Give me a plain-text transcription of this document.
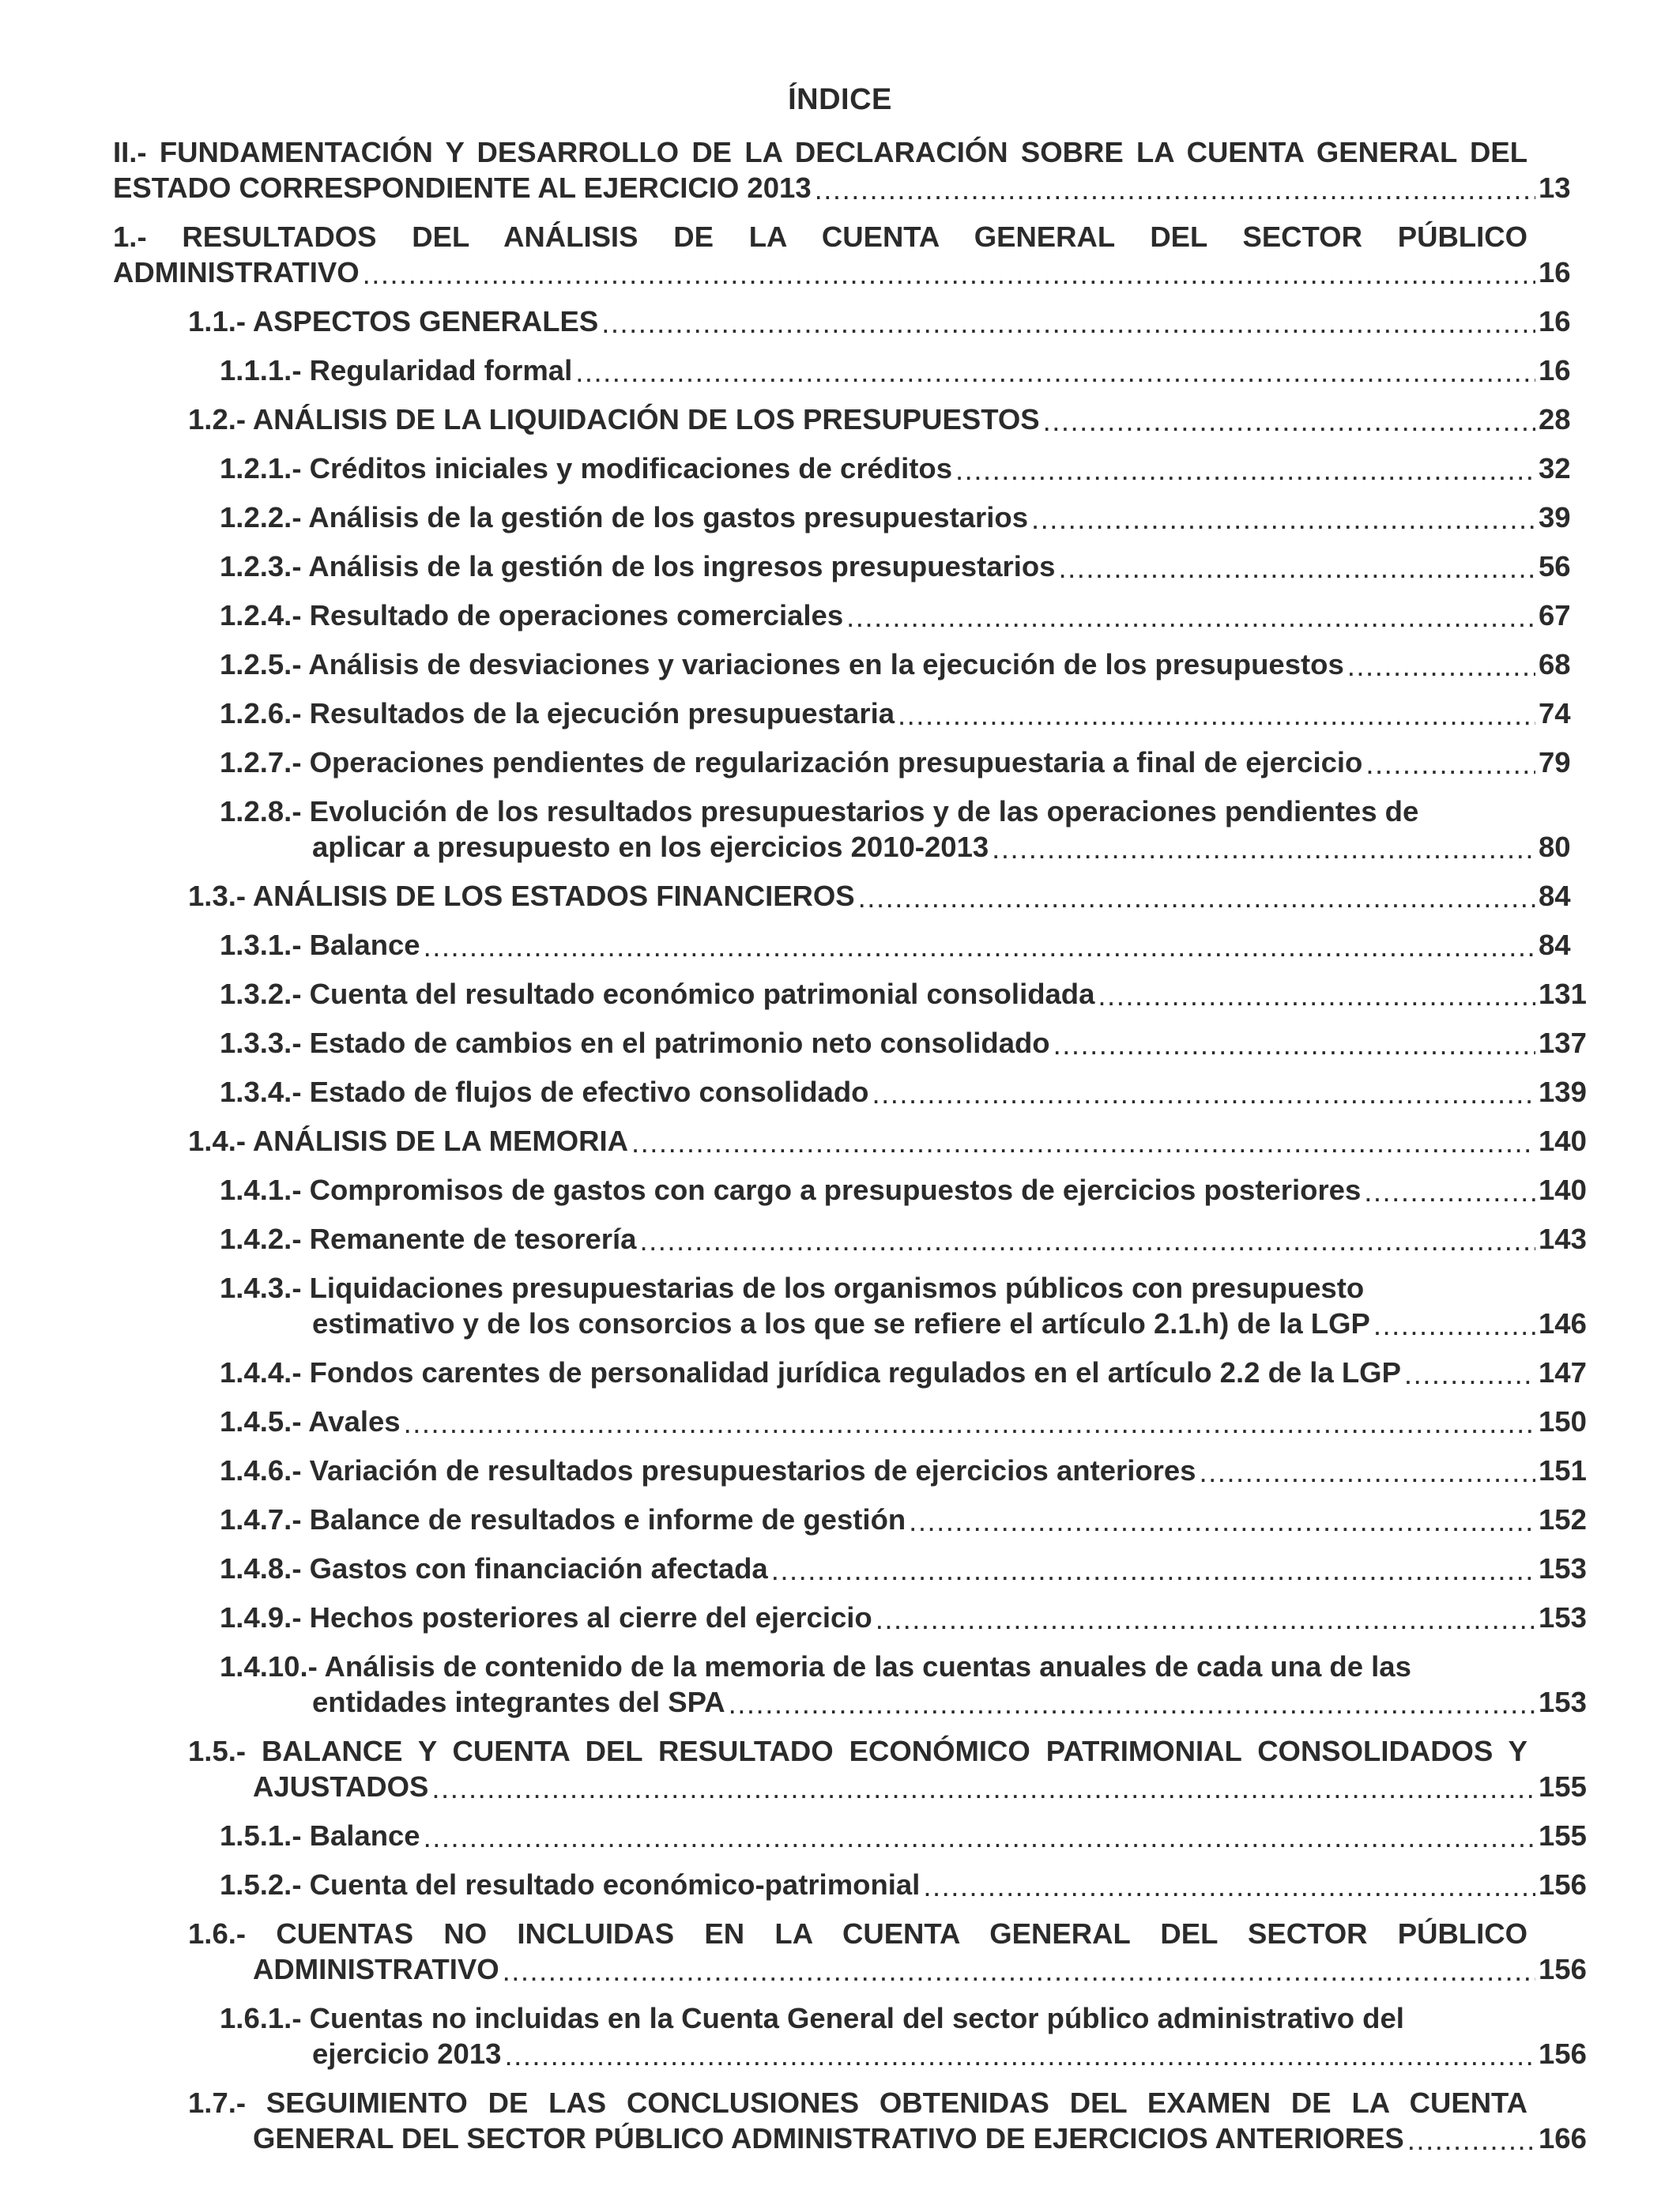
ÍNDICE
II.- FUNDAMENTACIÓN Y DESARROLLO DE LA DECLARACIÓN SOBRE LA CUENTA GENERAL DEL
ESTADO CORRESPONDIENTE AL EJERCICIO 2013 .....	13
1.- RESULTADOS DEL ANÁLISIS DE LA CUENTA GENERAL DEL SECTOR PÚBLICO
ADMINISTRATIVO .....	16
1.1.- ASPECTOS GENERALES .....	16
1.1.1.- Regularidad formal .....	16
1.2.- ANÁLISIS DE LA LIQUIDACIÓN DE LOS PRESUPUESTOS .....	28
1.2.1.- Créditos iniciales y modificaciones de créditos .....	32
1.2.2.- Análisis de la gestión de los gastos presupuestarios .....	39
1.2.3.- Análisis de la gestión de los ingresos presupuestarios .....	56
1.2.4.- Resultado de operaciones comerciales .....	67
1.2.5.- Análisis de desviaciones y variaciones en la ejecución de los presupuestos .....	68
1.2.6.- Resultados de la ejecución presupuestaria .....	74
1.2.7.- Operaciones pendientes de regularización presupuestaria a final de ejercicio .....	79
1.2.8.- Evolución de los resultados presupuestarios y de las operaciones pendientes de
aplicar a presupuesto en los ejercicios 2010-2013 .....	80
1.3.- ANÁLISIS DE LOS ESTADOS FINANCIEROS .....	84
1.3.1.- Balance .....	84
1.3.2.- Cuenta del resultado económico patrimonial consolidada .....	131
1.3.3.- Estado de cambios en el patrimonio neto consolidado .....	137
1.3.4.- Estado de flujos de efectivo consolidado .....	139
1.4.- ANÁLISIS DE LA MEMORIA .....	140
1.4.1.- Compromisos de gastos con cargo a presupuestos de ejercicios posteriores .....	140
1.4.2.- Remanente de tesorería .....	143
1.4.3.- Liquidaciones presupuestarias de los organismos públicos con presupuesto
estimativo y de los consorcios a los que se refiere el artículo 2.1.h) de la LGP .....	146
1.4.4.- Fondos carentes de personalidad jurídica regulados en el artículo 2.2 de la LGP .....	147
1.4.5.- Avales .....	150
1.4.6.- Variación de resultados presupuestarios de ejercicios anteriores .....	151
1.4.7.- Balance de resultados e informe de gestión .....	152
1.4.8.- Gastos con financiación afectada .....	153
1.4.9.- Hechos posteriores al cierre del ejercicio .....	153
1.4.10.- Análisis de contenido de la memoria de las cuentas anuales de cada una de las
entidades integrantes del SPA .....	153
1.5.- BALANCE Y CUENTA DEL RESULTADO ECONÓMICO PATRIMONIAL CONSOLIDADOS Y
AJUSTADOS .....	155
1.5.1.- Balance .....	155
1.5.2.- Cuenta del resultado económico-patrimonial .....	156
1.6.- CUENTAS NO INCLUIDAS EN LA CUENTA GENERAL DEL SECTOR PÚBLICO
ADMINISTRATIVO .....	156
1.6.1.- Cuentas no incluidas en la Cuenta General del sector público administrativo del
ejercicio 2013 .....	156
1.7.- SEGUIMIENTO DE LAS CONCLUSIONES OBTENIDAS DEL EXAMEN DE LA CUENTA
GENERAL DEL SECTOR PÚBLICO ADMINISTRATIVO DE EJERCICIOS ANTERIORES .....	166
